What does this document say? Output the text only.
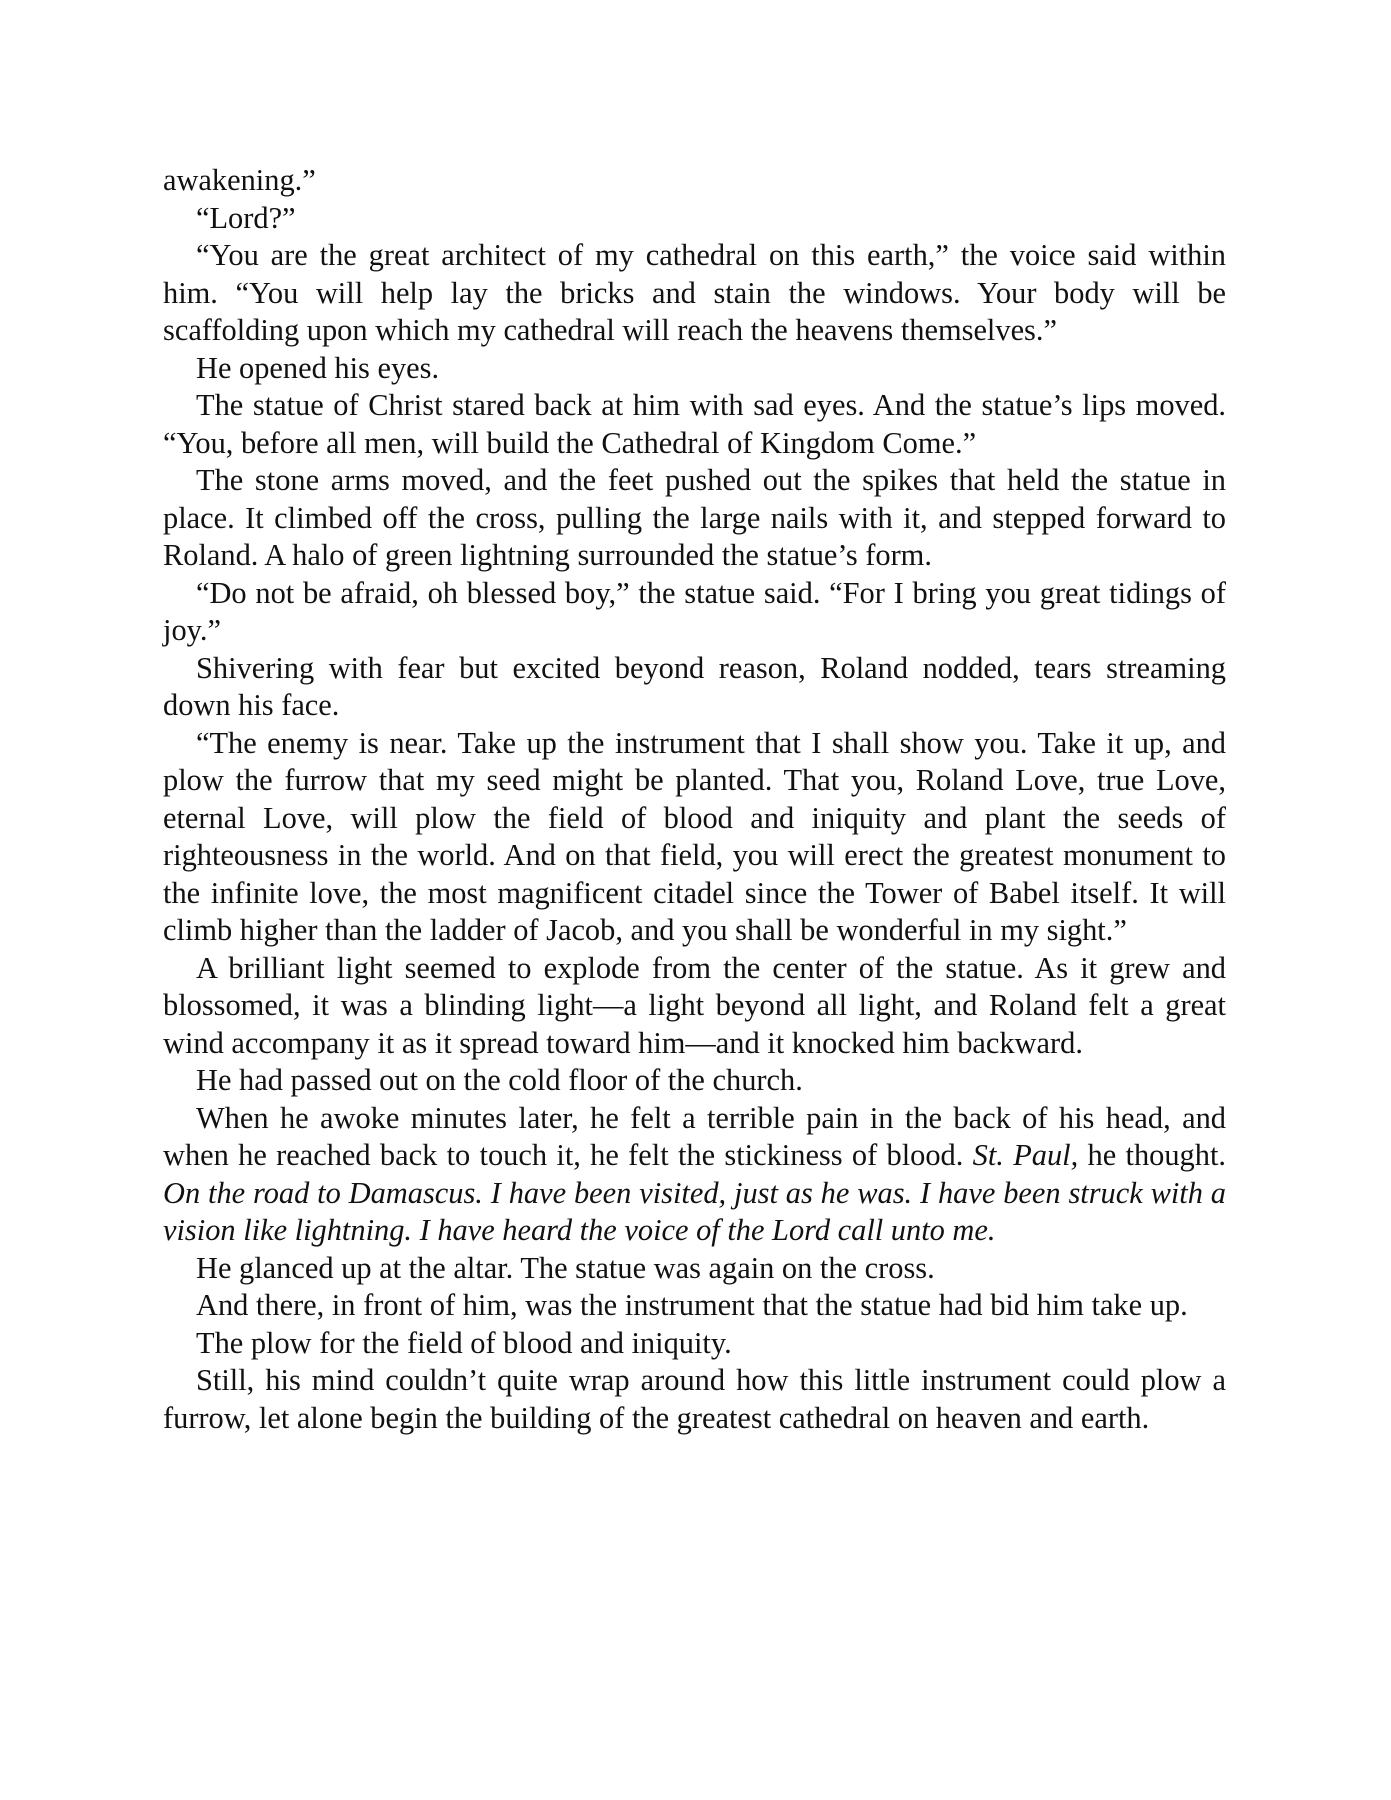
awakening.”

“Lord?”

“You are the great architect of my cathedral on this earth,” the voice said within him. “You will help lay the bricks and stain the windows. Your body will be scaffolding upon which my cathedral will reach the heavens themselves.”

He opened his eyes.

The statue of Christ stared back at him with sad eyes. And the statue’s lips moved. “You, before all men, will build the Cathedral of Kingdom Come.”

The stone arms moved, and the feet pushed out the spikes that held the statue in place. It climbed off the cross, pulling the large nails with it, and stepped forward to Roland. A halo of green lightning surrounded the statue’s form.

“Do not be afraid, oh blessed boy,” the statue said. “For I bring you great tidings of joy.”

Shivering with fear but excited beyond reason, Roland nodded, tears streaming down his face.

“The enemy is near. Take up the instrument that I shall show you. Take it up, and plow the furrow that my seed might be planted. That you, Roland Love, true Love, eternal Love, will plow the field of blood and iniquity and plant the seeds of righteousness in the world. And on that field, you will erect the greatest monument to the infinite love, the most magnificent citadel since the Tower of Babel itself. It will climb higher than the ladder of Jacob, and you shall be wonderful in my sight.”

A brilliant light seemed to explode from the center of the statue. As it grew and blossomed, it was a blinding light—a light beyond all light, and Roland felt a great wind accompany it as it spread toward him—and it knocked him backward.

He had passed out on the cold floor of the church.

When he awoke minutes later, he felt a terrible pain in the back of his head, and when he reached back to touch it, he felt the stickiness of blood. St. Paul, he thought. On the road to Damascus. I have been visited, just as he was. I have been struck with a vision like lightning. I have heard the voice of the Lord call unto me.

He glanced up at the altar. The statue was again on the cross.

And there, in front of him, was the instrument that the statue had bid him take up.

The plow for the field of blood and iniquity.

Still, his mind couldn’t quite wrap around how this little instrument could plow a furrow, let alone begin the building of the greatest cathedral on heaven and earth.
